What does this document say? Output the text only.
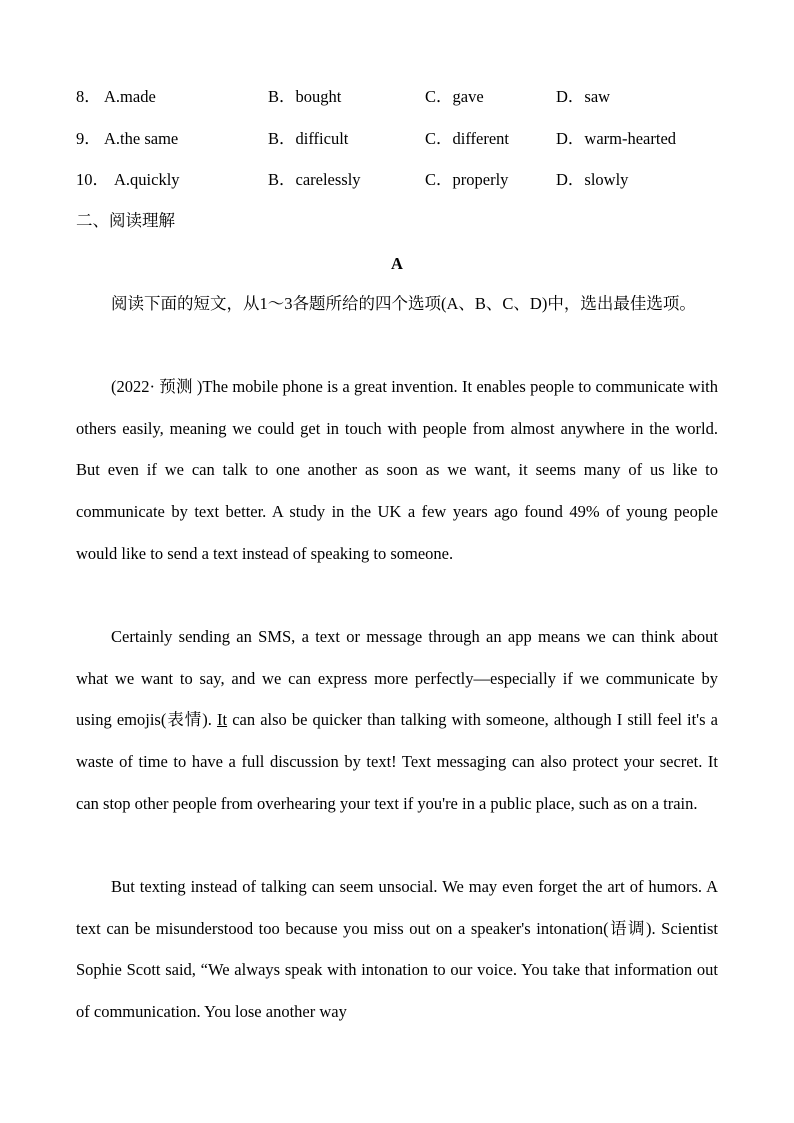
8． A.made	B．bought	C．gave	D．saw
9． A.the same	B．difficult	C．different	D．warm-hearted
10． A.quickly	B．carelessly	C．properly	D．slowly
二、阅读理解
A

阅读下面的短文，从1～3各题所给的四个选项(A、B、C、D)中，选出最佳选项。

(2022· 预测 )The mobile phone is a great invention. It enables people to communicate with others easily, meaning we could get in touch with people from almost anywhere in the world. But even if we can talk to one another as soon as we want, it seems many of us like to communicate by text better. A study in the UK a few years ago found 49% of young people would like to send a text instead of speaking to someone.

Certainly sending an SMS, a text or message through an app means we can think about what we want to say, and we can express more perfectly—especially if we communicate by using emojis(表情). It can also be quicker than talking with someone, although I still feel it's a waste of time to have a full discussion by text! Text messaging can also protect your secret. It can stop other people from overhearing your text if you're in a public place, such as on a train.

But texting instead of talking can seem unsocial. We may even forget the art of humors. A text can be misunderstood too because you miss out on a speaker's intonation(语调). Scientist Sophie Scott said, “We always speak with intonation to our voice. You take that information out of communication. You lose another way
